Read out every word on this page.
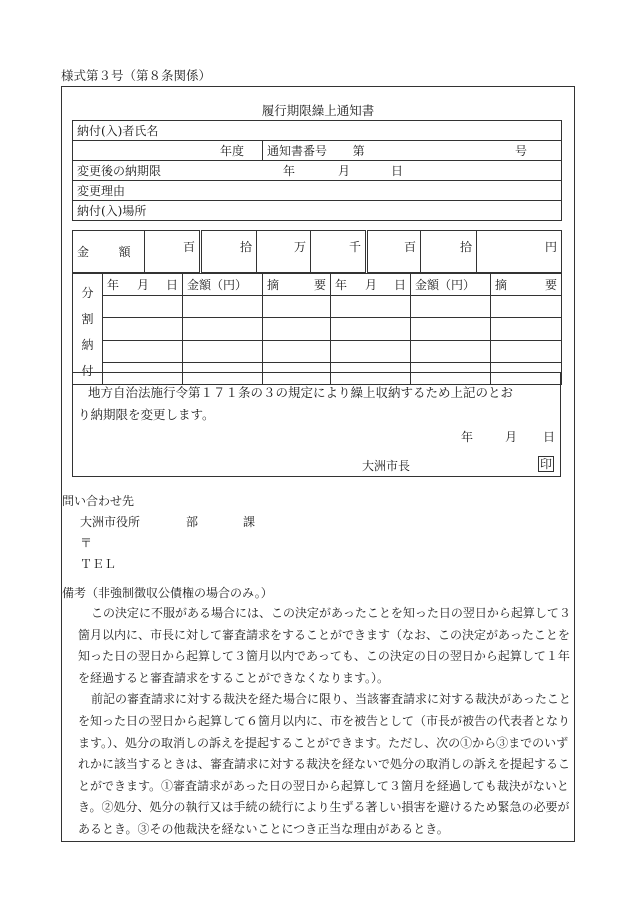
様式第３号（第８条関係）
履行期限繰上通知書
納付(入)者氏名
年度	通知書番号 第	号

変更後の納期限	年	月	日

変更理由
納付(入)場所
金 額	百	拾	万	千	百	拾	円
分
割
納
付	年 月 日	金額（円）	摘 要	年 月 日	金額（円）	摘 要

地方自治法施行令第１７１条の３の規定により繰上収納するため上記のとお
り納期限を変更します。
年	月 日
大洲市長	印
問い合わせ先
大洲市役所	部	課
〒
ＴＥＬ
備考（非強制徴収公債権の場合のみ。）

この決定に不服がある場合には、この決定があったことを知った日の翌日から起算して３

箇月以内に、市長に対して審査請求をすることができます（なお、この決定があったことを

知った日の翌日から起算して３箇月以内であっても、この決定の日の翌日から起算して１年

を経過すると審査請求をすることができなくなります。）。

前記の審査請求に対する裁決を経た場合に限り、当該審査請求に対する裁決があったこと

を知った日の翌日から起算して６箇月以内に、市を被告として（市長が被告の代表者となり

ます。）、処分の取消しの訴えを提起することができます。ただし、次の①から③までのいず

れかに該当するときは、審査請求に対する裁決を経ないで処分の取消しの訴えを提起するこ

とができます。①審査請求があった日の翌日から起算して３箇月を経過しても裁決がないと

き。②処分、処分の執行又は手続の続行により生ずる著しい損害を避けるため緊急の必要が

あるとき。③その他裁決を経ないことにつき正当な理由があるとき。
